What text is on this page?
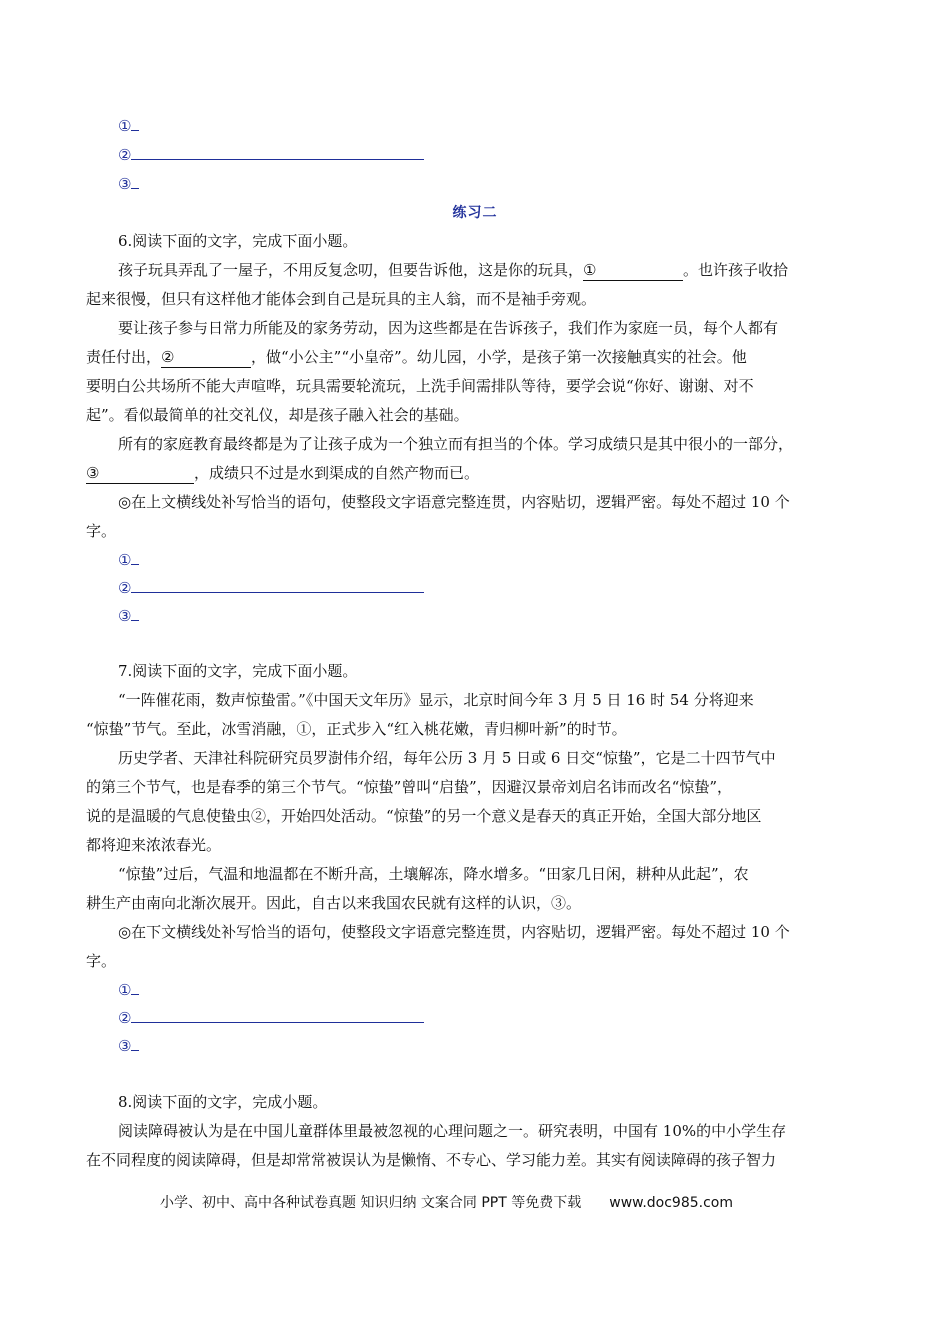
①
②
③
练习二
6.阅读下面的文字，完成下面小题。
孩子玩具弄乱了一屋子，不用反复念叨，但要告诉他，这是你的玩具，①	。也许孩子收拾
起来很慢，但只有这样他才能体会到自己是玩具的主人翁，而不是袖手旁观。
要让孩子参与日常力所能及的家务劳动，因为这些都是在告诉孩子，我们作为家庭一员，每个人都有
责任付出，②	，做“小公主”“小皇帝”。幼儿园，小学，是孩子第一次接触真实的社会。他
要明白公共场所不能大声喧哗，玩具需要轮流玩，上洗手间需排队等待，要学会说“你好、谢谢、对不
起”。看似最简单的社交礼仪，却是孩子融入社会的基础。
所有的家庭教育最终都是为了让孩子成为一个独立而有担当的个体。学习成绩只是其中很小的一部分，
③	，成绩只不过是水到渠成的自然产物而已。
◎在上文横线处补写恰当的语句，使整段文字语意完整连贯，内容贴切，逻辑严密。每处不超过 10 个
字。
①
②
③
7.阅读下面的文字，完成下面小题。
“一阵催花雨，数声惊蛰雷。”《中国天文年历》显示，北京时间今年 3 月 5 日 16 时 54 分将迎来
“惊蛰”节气。至此，冰雪消融，①，正式步入“红入桃花嫩，青归柳叶新”的时节。
历史学者、天津社科院研究员罗澍伟介绍，每年公历 3 月 5 日或 6 日交“惊蛰”，它是二十四节气中
的第三个节气，也是春季的第三个节气。“惊蛰”曾叫“启蛰”，因避汉景帝刘启名讳而改名“惊蛰”，
说的是温暖的气息使蛰虫②，开始四处活动。“惊蛰”的另一个意义是春天的真正开始，全国大部分地区
都将迎来浓浓春光。
“惊蛰”过后，气温和地温都在不断升高，土壤解冻，降水增多。“田家几日闲，耕种从此起”，农
耕生产由南向北渐次展开。因此，自古以来我国农民就有这样的认识，③。
◎在下文横线处补写恰当的语句，使整段文字语意完整连贯，内容贴切，逻辑严密。每处不超过 10 个
字。
①
②
③
8.阅读下面的文字，完成小题。
阅读障碍被认为是在中国儿童群体里最被忽视的心理问题之一。研究表明，中国有 10%的中小学生存
在不同程度的阅读障碍，但是却常常被误认为是懒惰、不专心、学习能力差。其实有阅读障碍的孩子智力
小学、初中、高中各种试卷真题 知识归纳 文案合同 PPT 等免费下载 www.doc985.com
